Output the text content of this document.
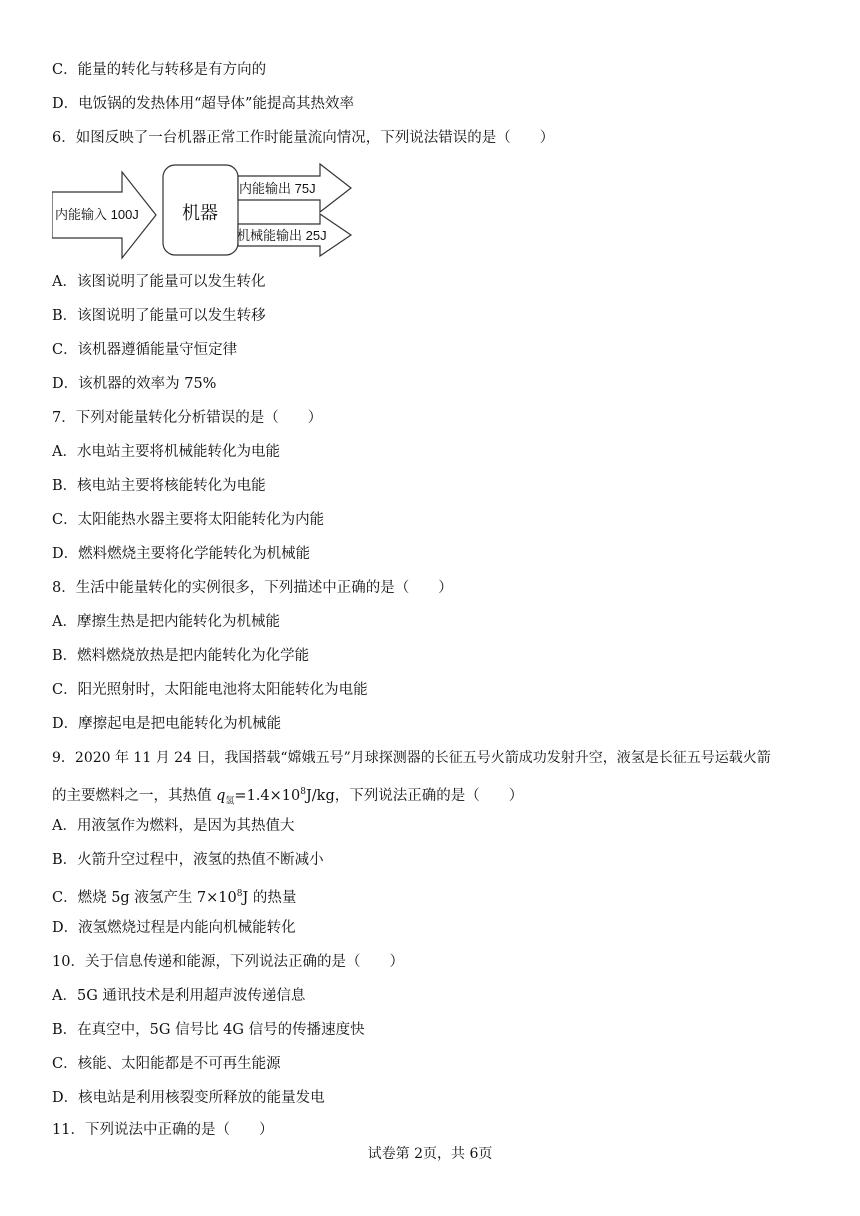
C．能量的转化与转移是有方向的
D．电饭锅的发热体用“超导体”能提高其热效率
6．如图反映了一台机器正常工作时能量流向情况，下列说法错误的是（　　）
内能输入 100J 机器
内能输出 75J
机械能输出 25J
A．该图说明了能量可以发生转化
B．该图说明了能量可以发生转移
C．该机器遵循能量守恒定律
D．该机器的效率为 75%
7．下列对能量转化分析错误的是（　　）
A．水电站主要将机械能转化为电能
B．核电站主要将核能转化为电能
C．太阳能热水器主要将太阳能转化为内能
D．燃料燃烧主要将化学能转化为机械能
8．生活中能量转化的实例很多，下列描述中正确的是（　　）
A．摩擦生热是把内能转化为机械能
B．燃料燃烧放热是把内能转化为化学能
C．阳光照射时，太阳能电池将太阳能转化为电能
D．摩擦起电是把电能转化为机械能
9．2020 年 11 月 24 日，我国搭载“嫦娥五号”月球探测器的长征五号火箭成功发射升空，液氢是长征五号运载火箭
的主要燃料之一，其热值 $q_氢=1.4\times 10^8J/kg$，下列说法正确的是（　　）
A．用液氢作为燃料，是因为其热值大
B．火箭升空过程中，液氢的热值不断减小
C．燃烧 5g 液氢产生 $7\times 10^8J$ 的热量
D．液氢燃烧过程是内能向机械能转化
10．关于信息传递和能源，下列说法正确的是（　　）
A．5G 通讯技术是利用超声波传递信息
B．在真空中，5G 信号比 4G 信号的传播速度快
C．核能、太阳能都是不可再生能源
D．核电站是利用核裂变所释放的能量发电
11．下列说法中正确的是（　　）
试卷第 2页，共 6页
